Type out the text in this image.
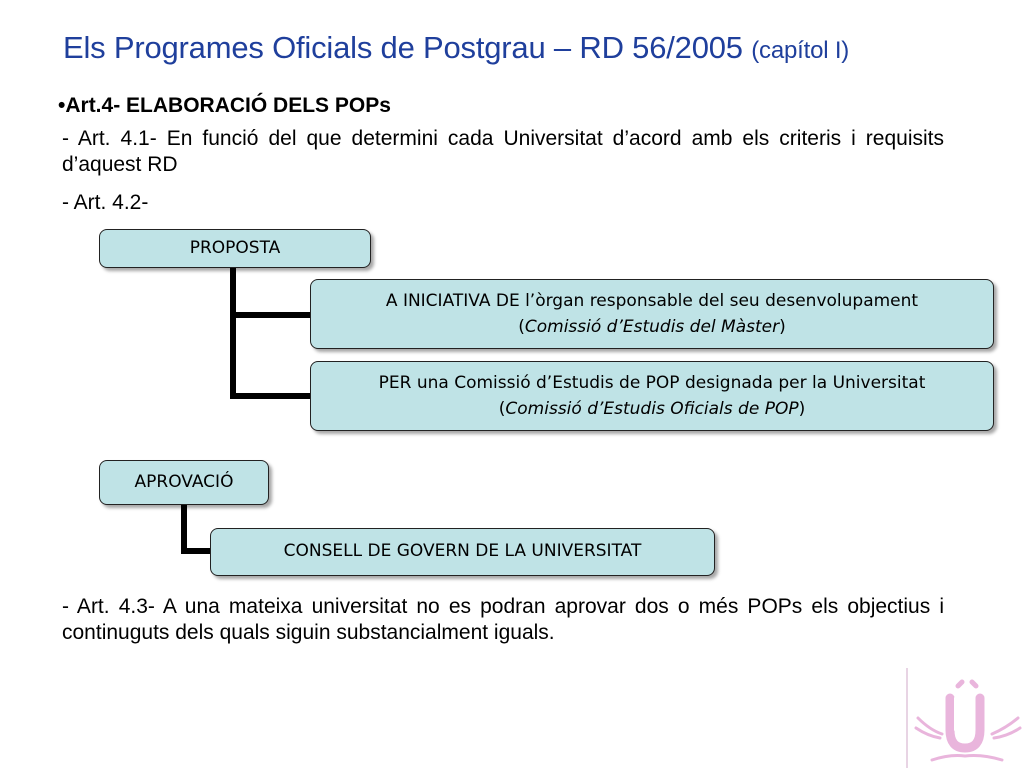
Els Programes Oficials de Postgrau – RD 56/2005 (capítol I)
•Art.4- ELABORACIÓ DELS POPs
- Art. 4.1- En funció del que determini cada Universitat d’acord amb els criteris i requisits d’aquest RD
- Art. 4.2-
PROPOSTA
A INICIATIVA DE l’òrgan responsable del seu desenvolupament
(Comissió d’Estudis del Màster)
PER una Comissió d’Estudis de POP designada per la Universitat
(Comissió d’Estudis Oficials de POP)
APROVACIÓ
CONSELL DE GOVERN DE LA UNIVERSITAT
- Art. 4.3- A una mateixa universitat no es podran aprovar dos o més POPs els objectius i continuguts dels quals siguin substancialment iguals.
